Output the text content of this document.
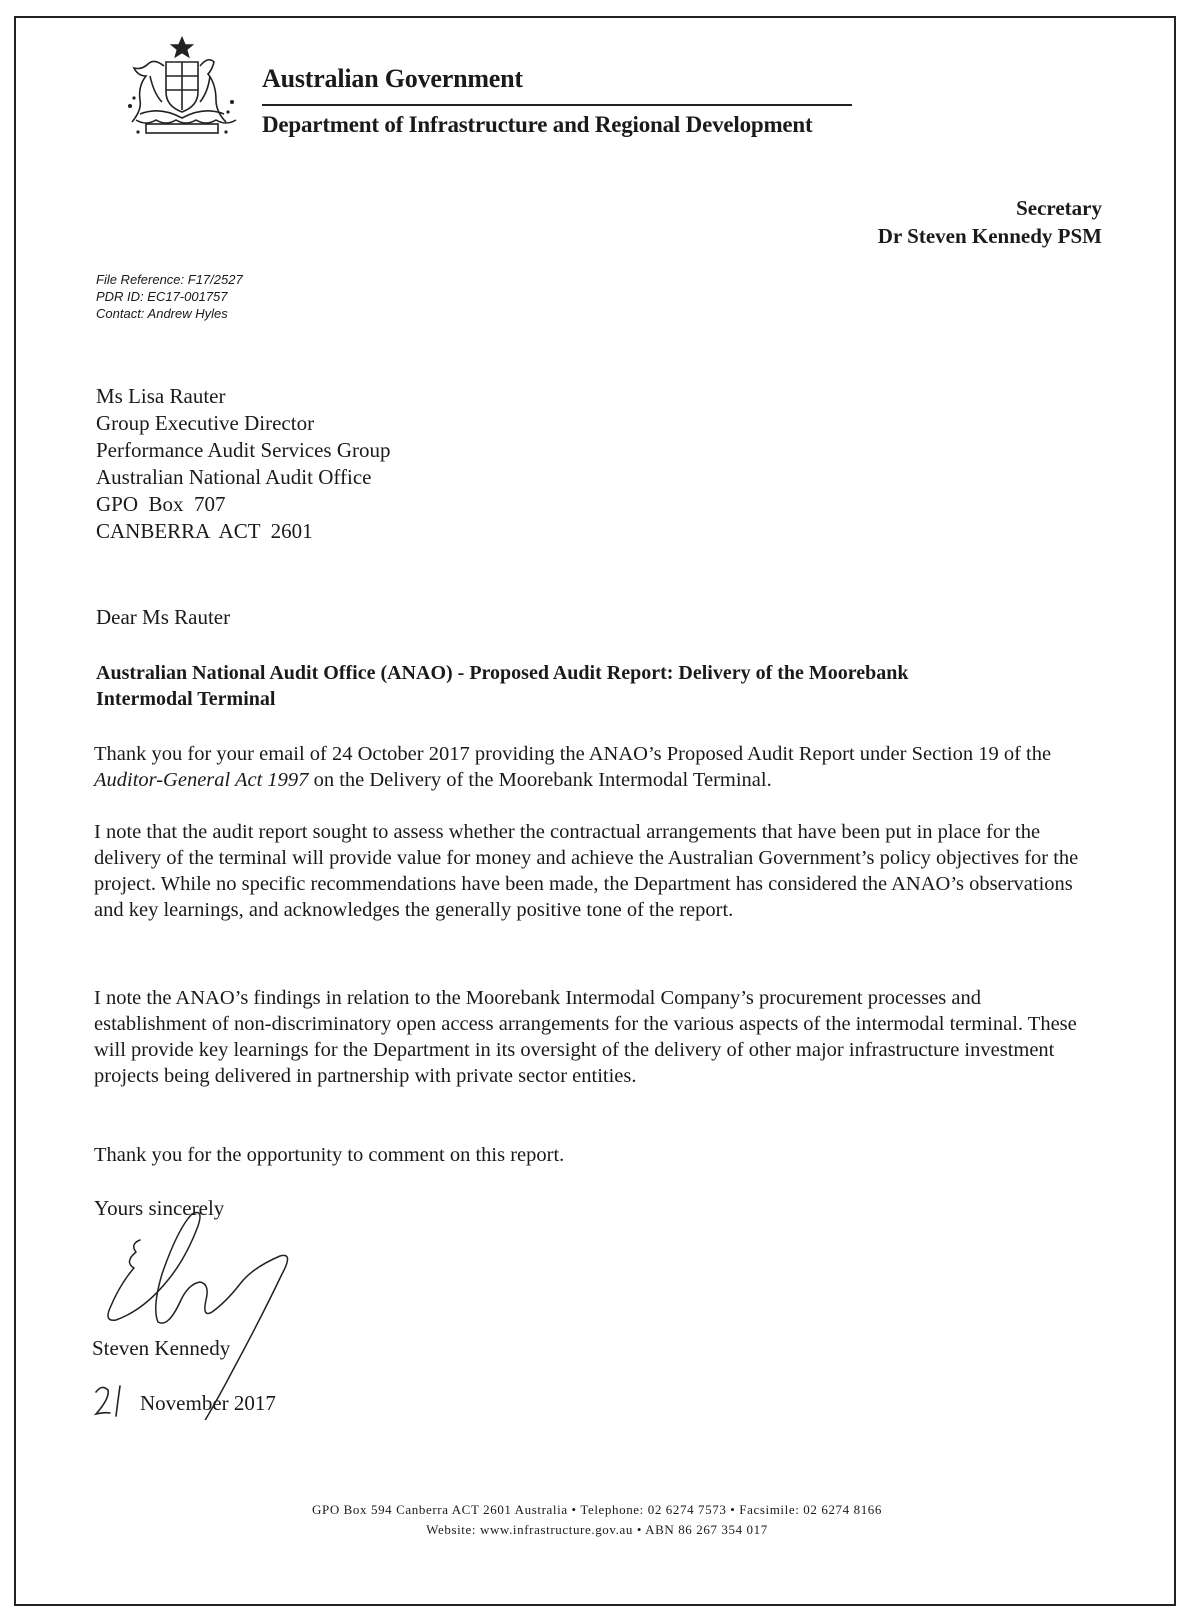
Australian Government
Department of Infrastructure and Regional Development
Secretary
Dr Steven Kennedy PSM
File Reference: F17/2527
PDR ID: EC17-001757
Contact: Andrew Hyles
Ms Lisa Rauter
Group Executive Director
Performance Audit Services Group
Australian National Audit Office
GPO  Box  707
CANBERRA  ACT  2601
Dear Ms Rauter
Australian National Audit Office (ANAO) - Proposed Audit Report: Delivery of the Moorebank Intermodal Terminal
Thank you for your email of 24 October 2017 providing the ANAO’s Proposed Audit Report under Section 19 of the Auditor-General Act 1997 on the Delivery of the Moorebank Intermodal Terminal.
I note that the audit report sought to assess whether the contractual arrangements that have been put in place for the delivery of the terminal will provide value for money and achieve the Australian Government’s policy objectives for the project. While no specific recommendations have been made, the Department has considered the ANAO’s observations and key learnings, and acknowledges the generally positive tone of the report.
I note the ANAO’s findings in relation to the Moorebank Intermodal Company’s procurement processes and establishment of non-discriminatory open access arrangements for the various aspects of the intermodal terminal. These will provide key learnings for the Department in its oversight of the delivery of other major infrastructure investment projects being delivered in partnership with private sector entities.
Thank you for the opportunity to comment on this report.
Yours sincerely
Steven Kennedy
November 2017
GPO Box 594 Canberra ACT 2601 Australia • Telephone: 02 6274 7573 • Facsimile: 02 6274 8166
Website: www.infrastructure.gov.au • ABN 86 267 354 017
